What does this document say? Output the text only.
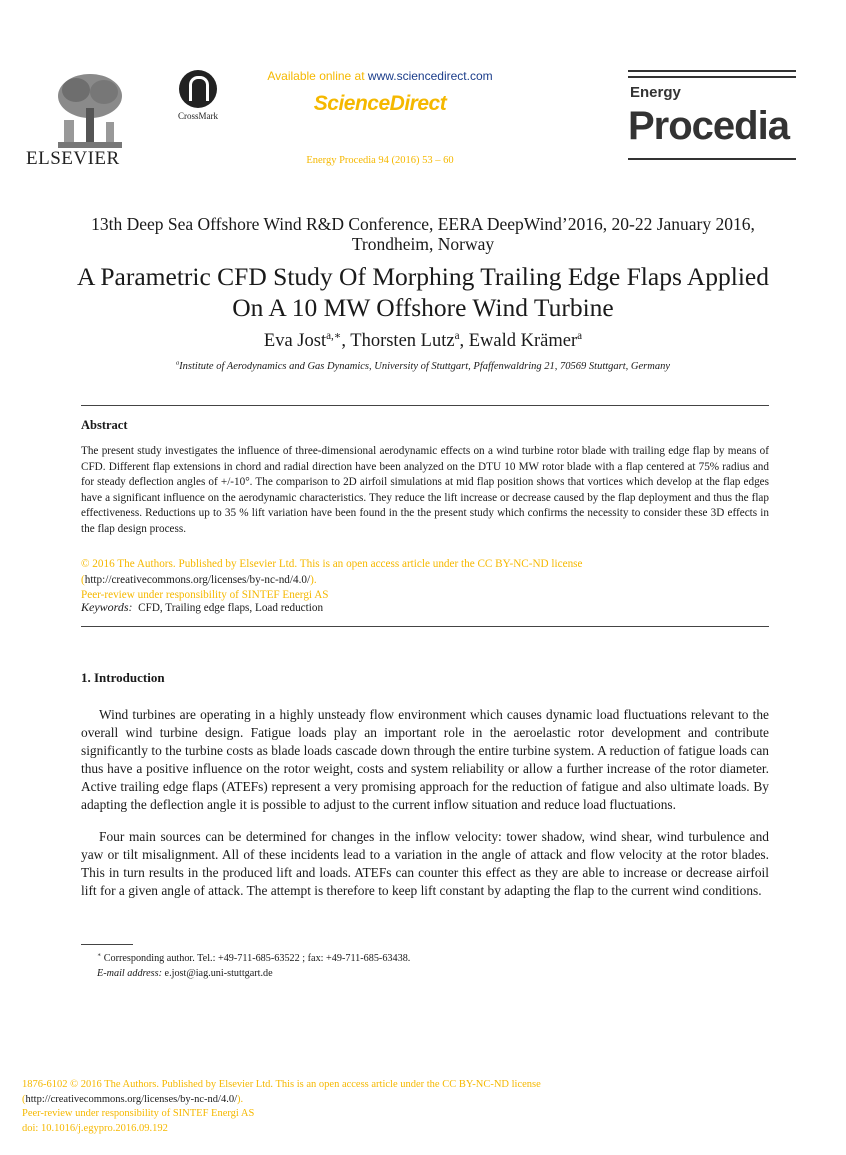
ELSEVIER
CrossMark
Available online at www.sciencedirect.com
ScienceDirect
Energy Procedia 94 (2016) 53 – 60
Energy
Procedia
13th Deep Sea Offshore Wind R&D Conference, EERA DeepWind’2016, 20-22 January 2016,
Trondheim, Norway
A Parametric CFD Study Of Morphing Trailing Edge Flaps Applied
On A 10 MW Offshore Wind Turbine
Eva Jost$^{a,∗}$, Thorsten Lutz$^a$, Ewald Krämer$^a$
$^a$Institute of Aerodynamics and Gas Dynamics, University of Stuttgart, Pfaffenwaldring 21, 70569 Stuttgart, Germany
Abstract
The present study investigates the influence of three-dimensional aerodynamic effects on a wind turbine rotor blade with trailing edge flap by means of CFD. Different flap extensions in chord and radial direction have been analyzed on the DTU 10 MW rotor blade with a flap centered at 75% radius and for steady deflection angles of +/-10°. The comparison to 2D airfoil simulations at mid flap position shows that vortices which develop at the flap edges have a significant influence on the aerodynamic characteristics. They reduce the lift increase or decrease caused by the flap deployment and thus the flap effectiveness. Reductions up to 35 % lift variation have been found in the the present study which confirms the necessity to consider these 3D effects in the flap design process.
© 2016 The Authors. Published by Elsevier Ltd. This is an open access article under the CC BY-NC-ND license
(http://creativecommons.org/licenses/by-nc-nd/4.0/).
Peer-review under responsibility of SINTEF Energi AS
Keywords: CFD, Trailing edge flaps, Load reduction
1. Introduction
Wind turbines are operating in a highly unsteady flow environment which causes dynamic load fluctuations relevant to the overall wind turbine design. Fatigue loads play an important role in the aeroelastic rotor development and contribute significantly to the turbine costs as blade loads cascade down through the entire turbine system. A reduction of fatigue loads can thus have a positive influence on the rotor weight, costs and system reliability or allow a further increase of the rotor diameter. Active trailing edge flaps (ATEFs) represent a very promising approach for the reduction of fatigue and also ultimate loads. By adapting the deflection angle it is possible to adjust to the current inflow situation and reduce load fluctuations.
Four main sources can be determined for changes in the inflow velocity: tower shadow, wind shear, wind turbulence and yaw or tilt misalignment. All of these incidents lead to a variation in the angle of attack and flow velocity at the rotor blades. This in turn results in the produced lift and loads. ATEFs can counter this effect as they are able to increase or decrease airfoil lift for a given angle of attack. The attempt is therefore to keep lift constant by adapting the flap to the current wind conditions.
∗ Corresponding author. Tel.: +49-711-685-63522 ; fax: +49-711-685-63438.
E-mail address: e.jost@iag.uni-stuttgart.de
1876-6102 © 2016 The Authors. Published by Elsevier Ltd. This is an open access article under the CC BY-NC-ND license
(http://creativecommons.org/licenses/by-nc-nd/4.0/).
Peer-review under responsibility of SINTEF Energi AS
doi: 10.1016/j.egypro.2016.09.192
